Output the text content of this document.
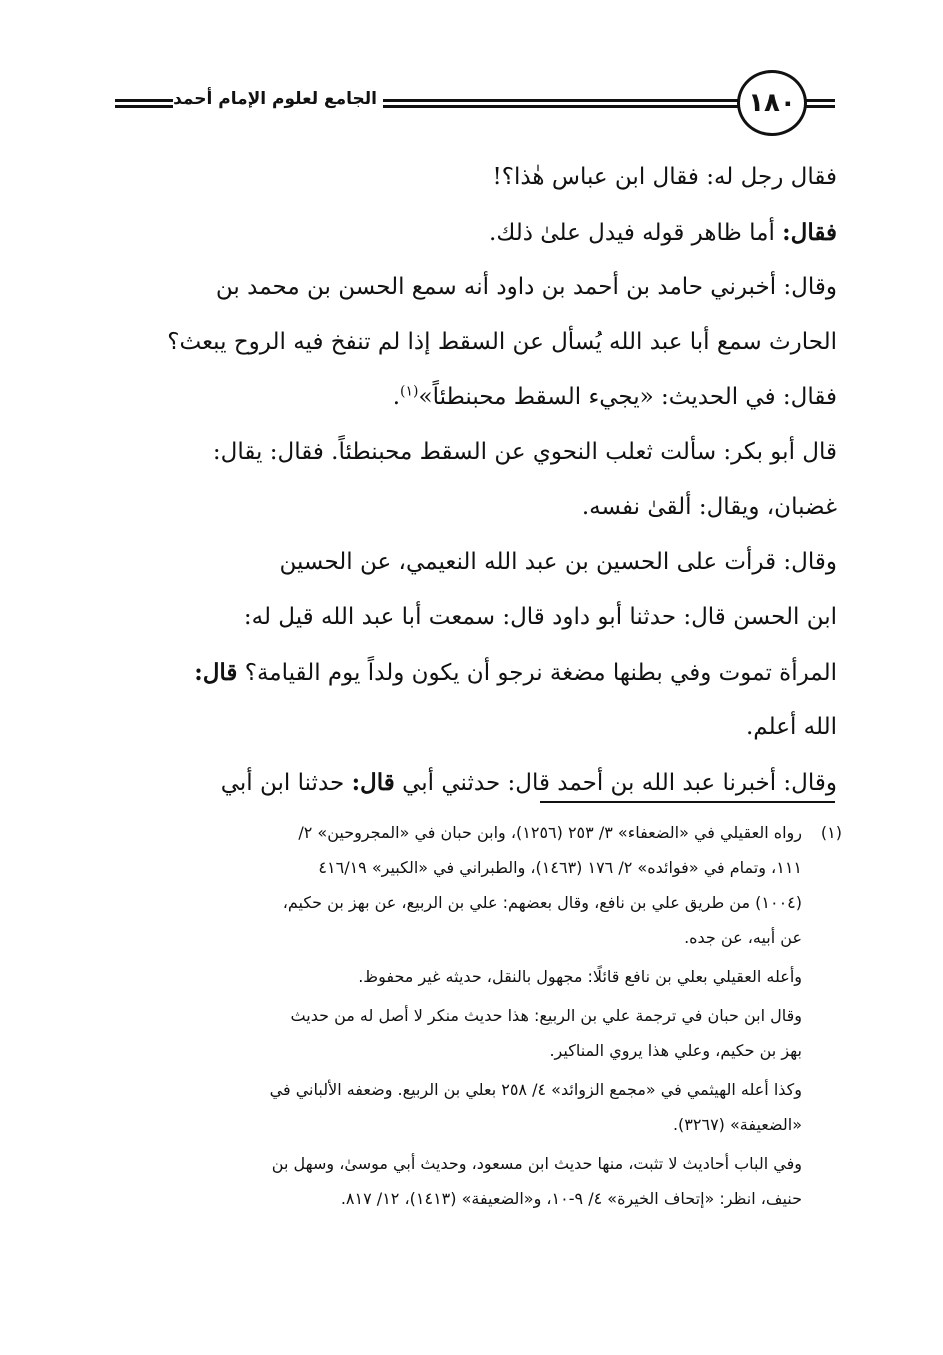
الجامع لعلوم الإمام أحمد	١٨٠
فقال رجل له: فقال ابن عباس هٰذا؟!
فقال: أما ظاهر قوله فيدل علىٰ ذلك.
وقال: أخبرني حامد بن أحمد بن داود أنه سمع الحسن بن محمد بن
الحارث سمع أبا عبد الله يُسأل عن السقط إذا لم تنفخ فيه الروح يبعث؟
فقال: في الحديث: «يجيء السقط محبنطئاً»$^{(١)}$.
قال أبو بكر: سألت ثعلب النحوي عن السقط محبنطئاً. فقال: يقال:
غضبان، ويقال: ألقىٰ نفسه.
وقال: قرأت على الحسين بن عبد الله النعيمي، عن الحسين
ابن الحسن قال: حدثنا أبو داود قال: سمعت أبا عبد الله قيل له:
المرأة تموت وفي بطنها مضغة نرجو أن يكون ولداً يوم القيامة؟ قال:
الله أعلم.
وقال: أخبرنا عبد الله بن أحمد قال: حدثني أبي قال: حدثنا ابن أبي
(١)رواه العقيلي في «الضعفاء» ٣/ ٢٥٣ (١٢٥٦)، وابن حبان في «المجروحين» ٢/
١١١، وتمام في «فوائده» ٢/ ١٧٦ (١٤٦٣)، والطبراني في «الكبير» ٤١٦/١٩
(١٠٠٤) من طريق علي بن نافع، وقال بعضهم: علي بن الربيع، عن بهز بن حكيم،
عن أبيه، عن جده.
وأعله العقيلي بعلي بن نافع قائلًا: مجهول بالنقل، حديثه غير محفوظ.
وقال ابن حبان في ترجمة علي بن الربيع: هذا حديث منكر لا أصل له من حديث
بهز بن حكيم، وعلي هذا يروي المناكير.
وكذا أعله الهيثمي في «مجمع الزوائد» ٤/ ٢٥٨ بعلي بن الربيع. وضعفه الألباني في
«الضعيفة» (٣٢٦٧).
وفي الباب أحاديث لا تثبت، منها حديث ابن مسعود، وحديث أبي موسىٰ، وسهل بن
حنيف، انظر: «إتحاف الخيرة» ٤/ ٩-١٠، و«الضعيفة» (١٤١٣)، ١٢/ ٨١٧.
